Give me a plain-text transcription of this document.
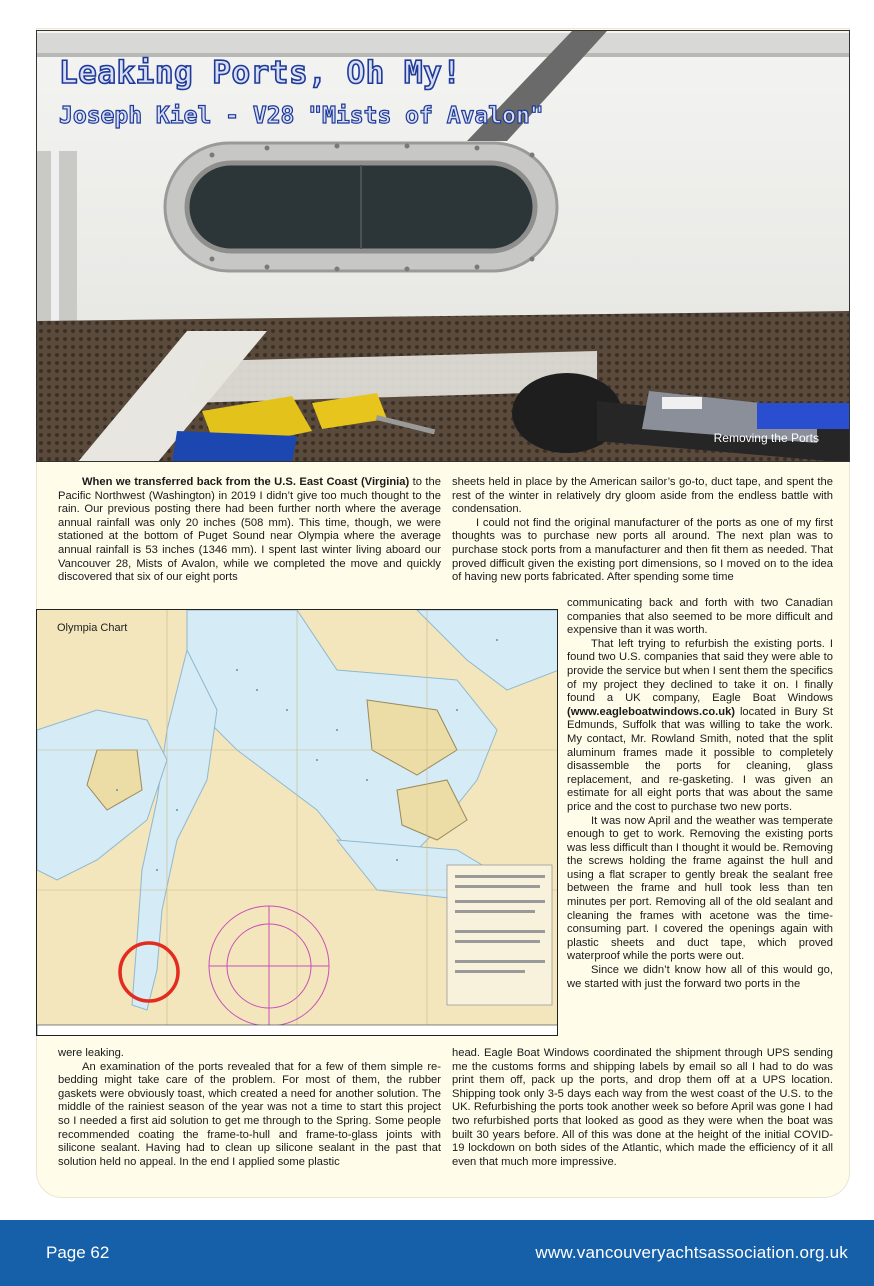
Leaking Ports, Oh My!
Joseph Kiel - V28 "Mists of Avalon"
Removing the Ports

When we transferred back from the U.S. East Coast (Virginia) to the Pacific Northwest (Washington) in 2019 I didn’t give too much thought to the rain. Our previous posting there had been further north where the average annual rainfall was only 20 inches (508 mm). This time, though, we were stationed at the bottom of Puget Sound near Olympia where the average annual rainfall is 53 inches (1346 mm). I spent last winter living aboard our Vancouver 28, Mists of Avalon, while we completed the move and quickly discovered that six of our eight ports

sheets held in place by the American sailor’s go-to, duct tape, and spent the rest of the winter in relatively dry gloom aside from the endless battle with condensation.

I could not find the original manufacturer of the ports as one of my first thoughts was to purchase new ports all around. The next plan was to purchase stock ports from a manufacturer and then fit them as needed. That proved difficult given the existing port dimensions, so I moved on to the idea of having new ports fabricated. After spending some time

Olympia Chart

communicating back and forth with two Canadian companies that also seemed to be more difficult and expensive than it was worth.

That left trying to refurbish the existing ports. I found two U.S. companies that said they were able to provide the service but when I sent them the specifics of my project they declined to take it on. I finally found a UK company, Eagle Boat Windows (www.eagleboatwindows.co.uk) located in Bury St Edmunds, Suffolk that was willing to take the work. My contact, Mr. Rowland Smith, noted that the split aluminum frames made it possible to completely disassemble the ports for cleaning, glass replacement, and re-gasketing. I was given an estimate for all eight ports that was about the same price and the cost to purchase two new ports.

It was now April and the weather was temperate enough to get to work. Removing the existing ports was less difficult than I thought it would be. Removing the screws holding the frame against the hull and using a flat scraper to gently break the sealant free between the frame and hull took less than ten minutes per port. Removing all of the old sealant and cleaning the frames with acetone was the time-consuming part. I covered the openings again with plastic sheets and duct tape, which proved waterproof while the ports were out.

Since we didn’t know how all of this would go, we started with just the forward two ports in the

were leaking.

An examination of the ports revealed that for a few of them simple re-bedding might take care of the problem. For most of them, the rubber gaskets were obviously toast, which created a need for another solution. The middle of the rainiest season of the year was not a time to start this project so I needed a first aid solution to get me through to the Spring. Some people recommended coating the frame-to-hull and frame-to-glass joints with silicone sealant. Having had to clean up silicone sealant in the past that solution held no appeal. In the end I applied some plastic

head. Eagle Boat Windows coordinated the shipment through UPS sending me the customs forms and shipping labels by email so all I had to do was print them off, pack up the ports, and drop them off at a UPS location. Shipping took only 3-5 days each way from the west coast of the U.S. to the UK. Refurbishing the ports took another week so before April was gone I had two refurbished ports that looked as good as they were when the boat was built 30 years before. All of this was done at the height of the initial COVID-19 lockdown on both sides of the Atlantic, which made the efficiency of it all even that much more impressive.

Page 62	www.vancouveryachtsassociation.org.uk
